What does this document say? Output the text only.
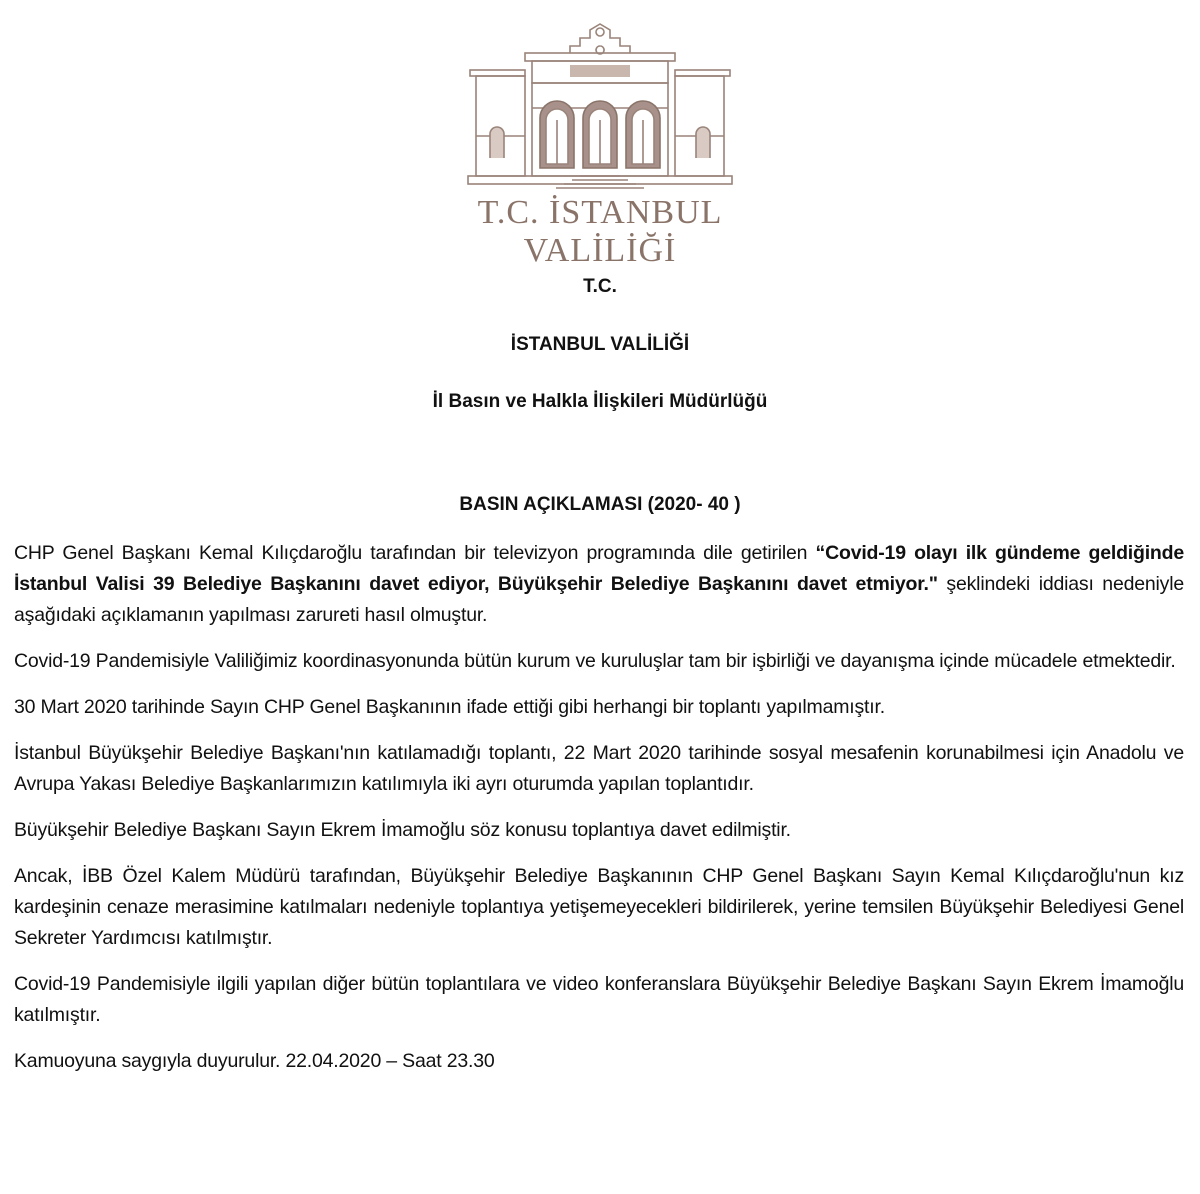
T.C. İSTANBUL VALİLİĞİ
T.C.
İSTANBUL VALİLİĞİ
İl Basın ve Halkla İlişkileri Müdürlüğü
BASIN AÇIKLAMASI (2020- 40 )

CHP Genel Başkanı Kemal Kılıçdaroğlu tarafından bir televizyon programında dile getirilen “Covid-19 olayı ilk gündeme geldiğinde İstanbul Valisi 39 Belediye Başkanını davet ediyor, Büyükşehir Belediye Başkanını davet etmiyor." şeklindeki iddiası nedeniyle aşağıdaki açıklamanın yapılması zarureti hasıl olmuştur.

Covid-19 Pandemisiyle Valiliğimiz koordinasyonunda bütün kurum ve kuruluşlar tam bir işbirliği ve dayanışma içinde mücadele etmektedir.

30 Mart 2020 tarihinde Sayın CHP Genel Başkanının ifade ettiği gibi herhangi bir toplantı yapılmamıştır.

İstanbul Büyükşehir Belediye Başkanı'nın katılamadığı toplantı, 22 Mart 2020 tarihinde sosyal mesafenin korunabilmesi için Anadolu ve Avrupa Yakası Belediye Başkanlarımızın katılımıyla iki ayrı oturumda yapılan toplantıdır.

Büyükşehir Belediye Başkanı Sayın Ekrem İmamoğlu söz konusu toplantıya davet edilmiştir.

Ancak, İBB Özel Kalem Müdürü tarafından, Büyükşehir Belediye Başkanının CHP Genel Başkanı Sayın Kemal Kılıçdaroğlu'nun kız kardeşinin cenaze merasimine katılmaları nedeniyle toplantıya yetişemeyecekleri bildirilerek, yerine temsilen Büyükşehir Belediyesi Genel Sekreter Yardımcısı katılmıştır.

Covid-19 Pandemisiyle ilgili yapılan diğer bütün toplantılara ve video konferanslara Büyükşehir Belediye Başkanı Sayın Ekrem İmamoğlu katılmıştır.

Kamuoyuna saygıyla duyurulur. 22.04.2020 – Saat 23.30
